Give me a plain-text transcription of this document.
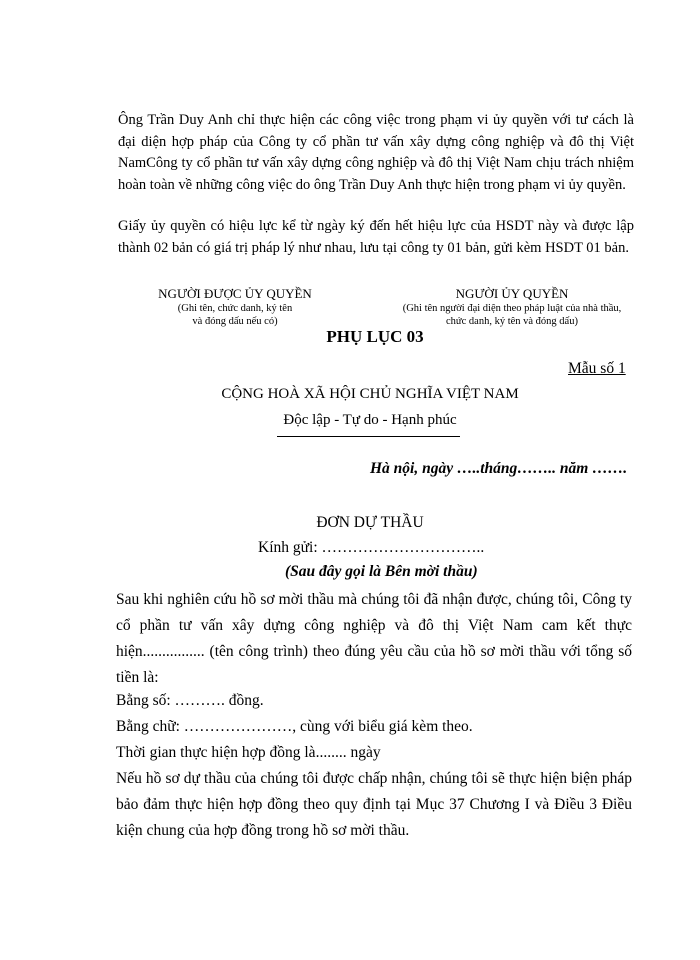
Ông Trần Duy Anh chỉ thực hiện các công việc trong phạm vi ủy quyền với tư cách là đại diện hợp pháp của Công ty cổ phần tư vấn xây dựng công nghiệp và đô thị Việt NamCông ty cổ phần tư vấn xây dựng công nghiệp và đô thị Việt Nam chịu trách nhiệm hoàn toàn về những công việc do ông Trần Duy Anh thực hiện trong phạm vi ủy quyền.

Giấy ủy quyền có hiệu lực kể từ ngày ký đến hết hiệu lực của HSDT này và được lập thành 02 bản có giá trị pháp lý như nhau, lưu tại công ty 01 bản, gửi kèm HSDT 01 bản.

NGƯỜI ĐƯỢC ỦY QUYỀN
(Ghi tên, chức danh, ký tên
và đóng dấu nếu có)
NGƯỜI ỦY QUYỀN
(Ghi tên người đại diện theo pháp luật của nhà thầu,
chức danh, ký tên và đóng dấu)
PHỤ LỤC 03
Mẫu số 1
CỘNG HOÀ XÃ HỘI CHỦ NGHĨA VIỆT NAM
Độc lập - Tự do - Hạnh phúc
Hà nội, ngày …..tháng…….. năm …….
ĐƠN DỰ THẦU
Kính gửi: …………………………..
(Sau đây gọi là Bên mời thầu)

Sau khi nghiên cứu hồ sơ mời thầu mà chúng tôi đã nhận được, chúng tôi, Công ty cổ phần tư vấn xây dựng công nghiệp và đô thị Việt Nam cam kết thực hiện................ (tên công trình) theo đúng yêu cầu của hồ sơ mời thầu với tổng số tiền là:

Bằng số: ………. đồng.
Bằng chữ: …………………, cùng với biểu giá kèm theo.
Thời gian thực hiện hợp đồng là........ ngày

Nếu hồ sơ dự thầu của chúng tôi được chấp nhận, chúng tôi sẽ thực hiện biện pháp bảo đảm thực hiện hợp đồng theo quy định tại Mục 37 Chương I và Điều 3 Điều kiện chung của hợp đồng trong hồ sơ mời thầu.
